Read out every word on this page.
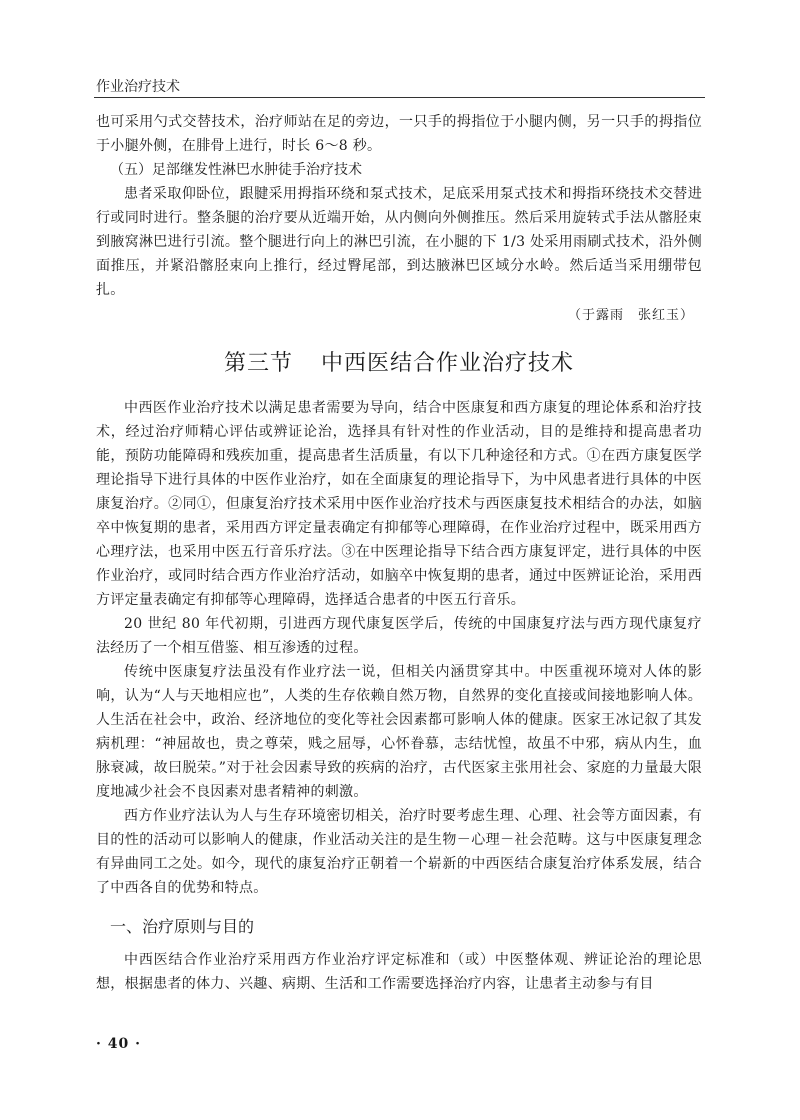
作业治疗技术

也可采用勺式交替技术，治疗师站在足的旁边，一只手的拇指位于小腿内侧，另一只手的拇指位于小腿外侧，在腓骨上进行，时长 6～8 秒。

（五）足部继发性淋巴水肿徒手治疗技术

患者采取仰卧位，跟腱采用拇指环绕和泵式技术，足底采用泵式技术和拇指环绕技术交替进行或同时进行。整条腿的治疗要从近端开始，从内侧向外侧推压。然后采用旋转式手法从髂胫束到腋窝淋巴进行引流。整个腿进行向上的淋巴引流，在小腿的下 1/3 处采用雨刷式技术，沿外侧面推压，并紧沿髂胫束向上推行，经过臀尾部，到达腋淋巴区域分水岭。然后适当采用绷带包扎。

（于露雨　张红玉）

第三节 中西医结合作业治疗技术

中西医作业治疗技术以满足患者需要为导向，结合中医康复和西方康复的理论体系和治疗技术，经过治疗师精心评估或辨证论治，选择具有针对性的作业活动，目的是维持和提高患者功能，预防功能障碍和残疾加重，提高患者生活质量，有以下几种途径和方式。①在西方康复医学理论指导下进行具体的中医作业治疗，如在全面康复的理论指导下，为中风患者进行具体的中医康复治疗。②同①，但康复治疗技术采用中医作业治疗技术与西医康复技术相结合的办法，如脑卒中恢复期的患者，采用西方评定量表确定有抑郁等心理障碍，在作业治疗过程中，既采用西方心理疗法，也采用中医五行音乐疗法。③在中医理论指导下结合西方康复评定，进行具体的中医作业治疗，或同时结合西方作业治疗活动，如脑卒中恢复期的患者，通过中医辨证论治，采用西方评定量表确定有抑郁等心理障碍，选择适合患者的中医五行音乐。

20 世纪 80 年代初期，引进西方现代康复医学后，传统的中国康复疗法与西方现代康复疗法经历了一个相互借鉴、相互渗透的过程。

传统中医康复疗法虽没有作业疗法一说，但相关内涵贯穿其中。中医重视环境对人体的影响，认为“人与天地相应也”，人类的生存依赖自然万物，自然界的变化直接或间接地影响人体。人生活在社会中，政治、经济地位的变化等社会因素都可影响人体的健康。医家王冰记叙了其发病机理：“神屈故也，贵之尊荣，贱之屈辱，心怀眷慕，志结忧惶，故虽不中邪，病从内生，血脉衰减，故曰脱荣。”对于社会因素导致的疾病的治疗，古代医家主张用社会、家庭的力量最大限度地减少社会不良因素对患者精神的刺激。

西方作业疗法认为人与生存环境密切相关，治疗时要考虑生理、心理、社会等方面因素，有目的性的活动可以影响人的健康，作业活动关注的是生物－心理－社会范畴。这与中医康复理念有异曲同工之处。如今，现代的康复治疗正朝着一个崭新的中西医结合康复治疗体系发展，结合了中西各自的优势和特点。

一、治疗原则与目的

中西医结合作业治疗采用西方作业治疗评定标准和（或）中医整体观、辨证论治的理论思想，根据患者的体力、兴趣、病期、生活和工作需要选择治疗内容，让患者主动参与有目

· 40 ·
